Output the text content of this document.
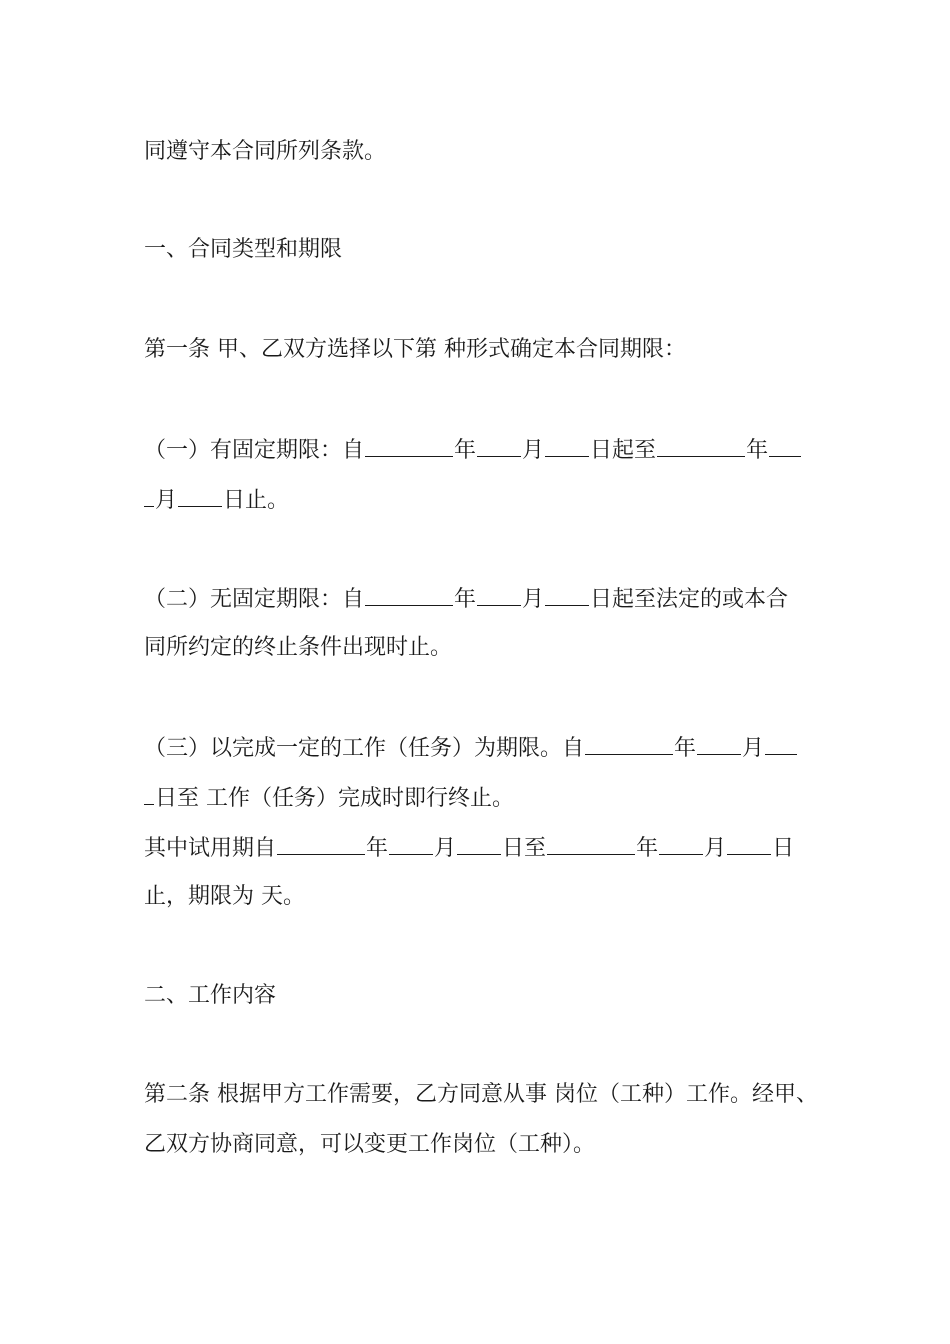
同遵守本合同所列条款。
一、合同类型和期限
第一条 甲、乙双方选择以下第 种形式确定本合同期限：
（一）有固定期限：自	年 月 日起至	年
月 日止。
（二）无固定期限：自	年 月 日起至法定的或本合
同所约定的终止条件出现时止。
（三）以完成一定的工作（任务）为期限。自	年 月
日至 工作（任务）完成时即行终止。
其中试用期自	年 月 日至	年 月 日
止，期限为 天。
二、工作内容
第二条 根据甲方工作需要，乙方同意从事 岗位（工种）工作。经甲、
乙双方协商同意，可以变更工作岗位（工种）。
